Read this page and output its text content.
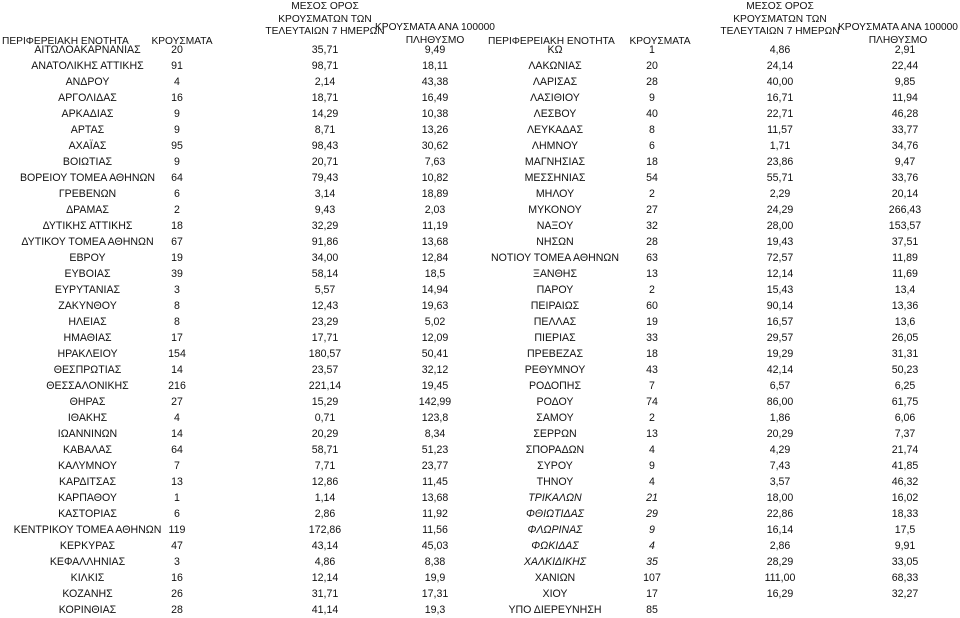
ΠΕΡΙΦΕΡΕΙΑΚΗ ΕΝΟΤΗΤΑ	ΚΡΟΥΣΜΑΤΑ
ΜΕΣΟΣ ΟΡΟΣ
ΚΡΟΥΣΜΑΤΩΝ ΤΩΝ
ΤΕΛΕΥΤΑΙΩΝ 7 ΗΜΕΡΩΝ
ΚΡΟΥΣΜΑΤΑ ΑΝΑ 100000
ΠΛΗΘΥΣΜΟ	ΠΕΡΙΦΕΡΕΙΑΚΗ ΕΝΟΤΗΤΑ	ΚΡΟΥΣΜΑΤΑ
ΜΕΣΟΣ ΟΡΟΣ
ΚΡΟΥΣΜΑΤΩΝ ΤΩΝ
ΤΕΛΕΥΤΑΙΩΝ 7 ΗΜΕΡΩΝ
ΚΡΟΥΣΜΑΤΑ ΑΝΑ 100000
ΠΛΗΘΥΣΜΟ
ΑΙΤΩΛΟΑΚΑΡΝΑΝΙΑΣ	20	35,71	9,49
ΑΝΑΤΟΛΙΚΗΣ ΑΤΤΙΚΗΣ	91	98,71	18,11
ΑΝΔΡΟΥ	4	2,14	43,38
ΑΡΓΟΛΙΔΑΣ	16	18,71	16,49
ΑΡΚΑΔΙΑΣ	9	14,29	10,38
ΑΡΤΑΣ	9	8,71	13,26
ΑΧΑΪΑΣ	95	98,43	30,62
ΒΟΙΩΤΙΑΣ	9	20,71	7,63
ΒΟΡΕΙΟΥ ΤΟΜΕΑ ΑΘΗΝΩΝ	64	79,43	10,82
ΓΡΕΒΕΝΩΝ	6	3,14	18,89
ΔΡΑΜΑΣ	2	9,43	2,03
ΔΥΤΙΚΗΣ ΑΤΤΙΚΗΣ	18	32,29	11,19
ΔΥΤΙΚΟΥ ΤΟΜΕΑ ΑΘΗΝΩΝ	67	91,86	13,68
ΕΒΡΟΥ	19	34,00	12,84
ΕΥΒΟΙΑΣ	39	58,14	18,5
ΕΥΡΥΤΑΝΙΑΣ	3	5,57	14,94
ΖΑΚΥΝΘΟΥ	8	12,43	19,63
ΗΛΕΙΑΣ	8	23,29	5,02
ΗΜΑΘΙΑΣ	17	17,71	12,09
ΗΡΑΚΛΕΙΟΥ	154	180,57	50,41
ΘΕΣΠΡΩΤΙΑΣ	14	23,57	32,12
ΘΕΣΣΑΛΟΝΙΚΗΣ	216	221,14	19,45
ΘΗΡΑΣ	27	15,29	142,99
ΙΘΑΚΗΣ	4	0,71	123,8
ΙΩΑΝΝΙΝΩΝ	14	20,29	8,34
ΚΑΒΑΛΑΣ	64	58,71	51,23
ΚΑΛΥΜΝΟΥ	7	7,71	23,77
ΚΑΡΔΙΤΣΑΣ	13	12,86	11,45
ΚΑΡΠΑΘΟΥ	1	1,14	13,68
ΚΑΣΤΟΡΙΑΣ	6	2,86	11,92
ΚΕΝΤΡΙΚΟΥ ΤΟΜΕΑ ΑΘΗΝΩΝ 119	172,86	11,56
ΚΕΡΚΥΡΑΣ	47	43,14	45,03
ΚΕΦΑΛΛΗΝΙΑΣ	3	4,86	8,38
ΚΙΛΚΙΣ	16	12,14	19,9
ΚΟΖΑΝΗΣ	26	31,71	17,31
ΚΟΡΙΝΘΙΑΣ	28	41,14	19,3
ΚΩ	1	4,86	2,91
ΛΑΚΩΝΙΑΣ	20	24,14	22,44
ΛΑΡΙΣΑΣ	28	40,00	9,85
ΛΑΣΙΘΙΟΥ	9	16,71	11,94
ΛΕΣΒΟΥ	40	22,71	46,28
ΛΕΥΚΑΔΑΣ	8	11,57	33,77
ΛΗΜΝΟΥ	6	1,71	34,76
ΜΑΓΝΗΣΙΑΣ	18	23,86	9,47
ΜΕΣΣΗΝΙΑΣ	54	55,71	33,76
ΜΗΛΟΥ	2	2,29	20,14
ΜΥΚΟΝΟΥ	27	24,29	266,43
ΝΑΞΟΥ	32	28,00	153,57
ΝΗΣΩΝ	28	19,43	37,51
ΝΟΤΙΟΥ ΤΟΜΕΑ ΑΘΗΝΩΝ	63	72,57	11,89
ΞΑΝΘΗΣ	13	12,14	11,69
ΠΑΡΟΥ	2	15,43	13,4
ΠΕΙΡΑΙΩΣ	60	90,14	13,36
ΠΕΛΛΑΣ	19	16,57	13,6
ΠΙΕΡΙΑΣ	33	29,57	26,05
ΠΡΕΒΕΖΑΣ	18	19,29	31,31
ΡΕΘΥΜΝΟΥ	43	42,14	50,23
ΡΟΔΟΠΗΣ	7	6,57	6,25
ΡΟΔΟΥ	74	86,00	61,75
ΣΑΜΟΥ	2	1,86	6,06
ΣΕΡΡΩΝ	13	20,29	7,37
ΣΠΟΡΑΔΩΝ	4	4,29	21,74
ΣΥΡΟΥ	9	7,43	41,85
ΤΗΝΟΥ	4	3,57	46,32
ΤΡΙΚΑΛΩΝ	21	18,00	16,02
ΦΘΙΩΤΙΔΑΣ	29	22,86	18,33
ΦΛΩΡΙΝΑΣ	9	16,14	17,5
ΦΩΚΙΔΑΣ	4	2,86	9,91
ΧΑΛΚΙΔΙΚΗΣ	35	28,29	33,05
ΧΑΝΙΩΝ	107	111,00	68,33
ΧΙΟΥ	17	16,29	32,27
ΥΠΟ ΔΙΕΡΕΥΝΗΣΗ	85
